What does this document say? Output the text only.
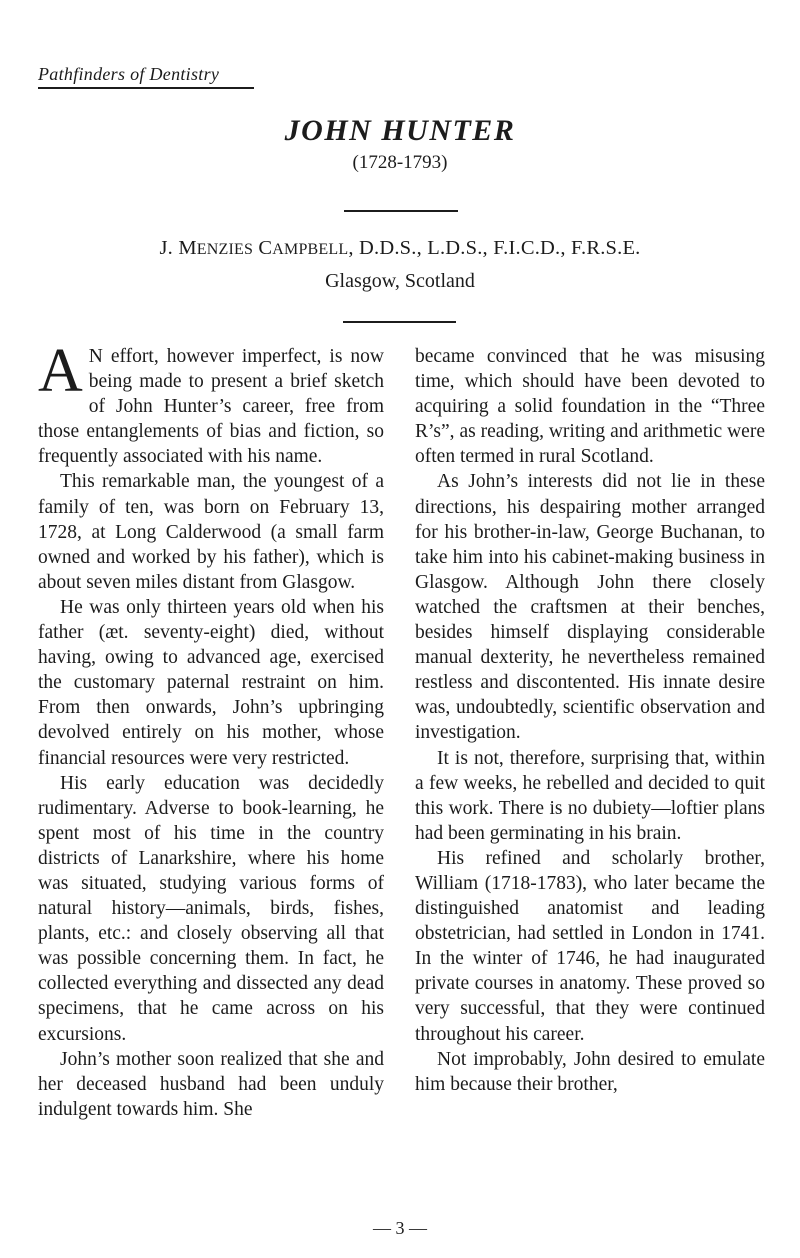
Pathfinders of Dentistry
JOHN HUNTER
(1728-1793)
J. MENZIES CAMPBELL, D.D.S., L.D.S., F.I.C.D., F.R.S.E.
Glasgow, Scotland

A N effort, however imperfect, is now being made to present a brief sketch of John Hunter’s career, free from those entanglements of bias and fiction, so frequently associated with his name.

This remarkable man, the youngest of a family of ten, was born on February 13, 1728, at Long Calderwood (a small farm owned and worked by his father), which is about seven miles distant from Glasgow.

He was only thirteen years old when his father (æt. seventy-eight) died, without having, owing to advanced age, exercised the customary paternal restraint on him. From then onwards, John’s upbringing devolved entirely on his mother, whose financial resources were very restricted.

His early education was decidedly rudimentary. Adverse to book-learning, he spent most of his time in the country districts of Lanarkshire, where his home was situated, studying various forms of natural history—animals, birds, fishes, plants, etc.: and closely observing all that was possible concerning them. In fact, he collected everything and dissected any dead specimens, that he came across on his excursions.

John’s mother soon realized that she and her deceased husband had been unduly indulgent towards him. She

became convinced that he was misusing time, which should have been devoted to acquiring a solid foundation in the “Three R’s”, as reading, writing and arithmetic were often termed in rural Scotland.

As John’s interests did not lie in these directions, his despairing mother arranged for his brother-in-law, George Buchanan, to take him into his cabinet-making business in Glasgow. Although John there closely watched the craftsmen at their benches, besides himself displaying considerable manual dexterity, he nevertheless remained restless and discontented. His innate desire was, undoubtedly, scientific observation and investigation.

It is not, therefore, surprising that, within a few weeks, he rebelled and decided to quit this work. There is no dubiety—loftier plans had been germinating in his brain.

His refined and scholarly brother, William (1718-1783), who later became the distinguished anatomist and leading obstetrician, had settled in London in 1741. In the winter of 1746, he had inaugurated private courses in anatomy. These proved so very successful, that they were continued throughout his career.

Not improbably, John desired to emulate him because their brother,

— 3 —
